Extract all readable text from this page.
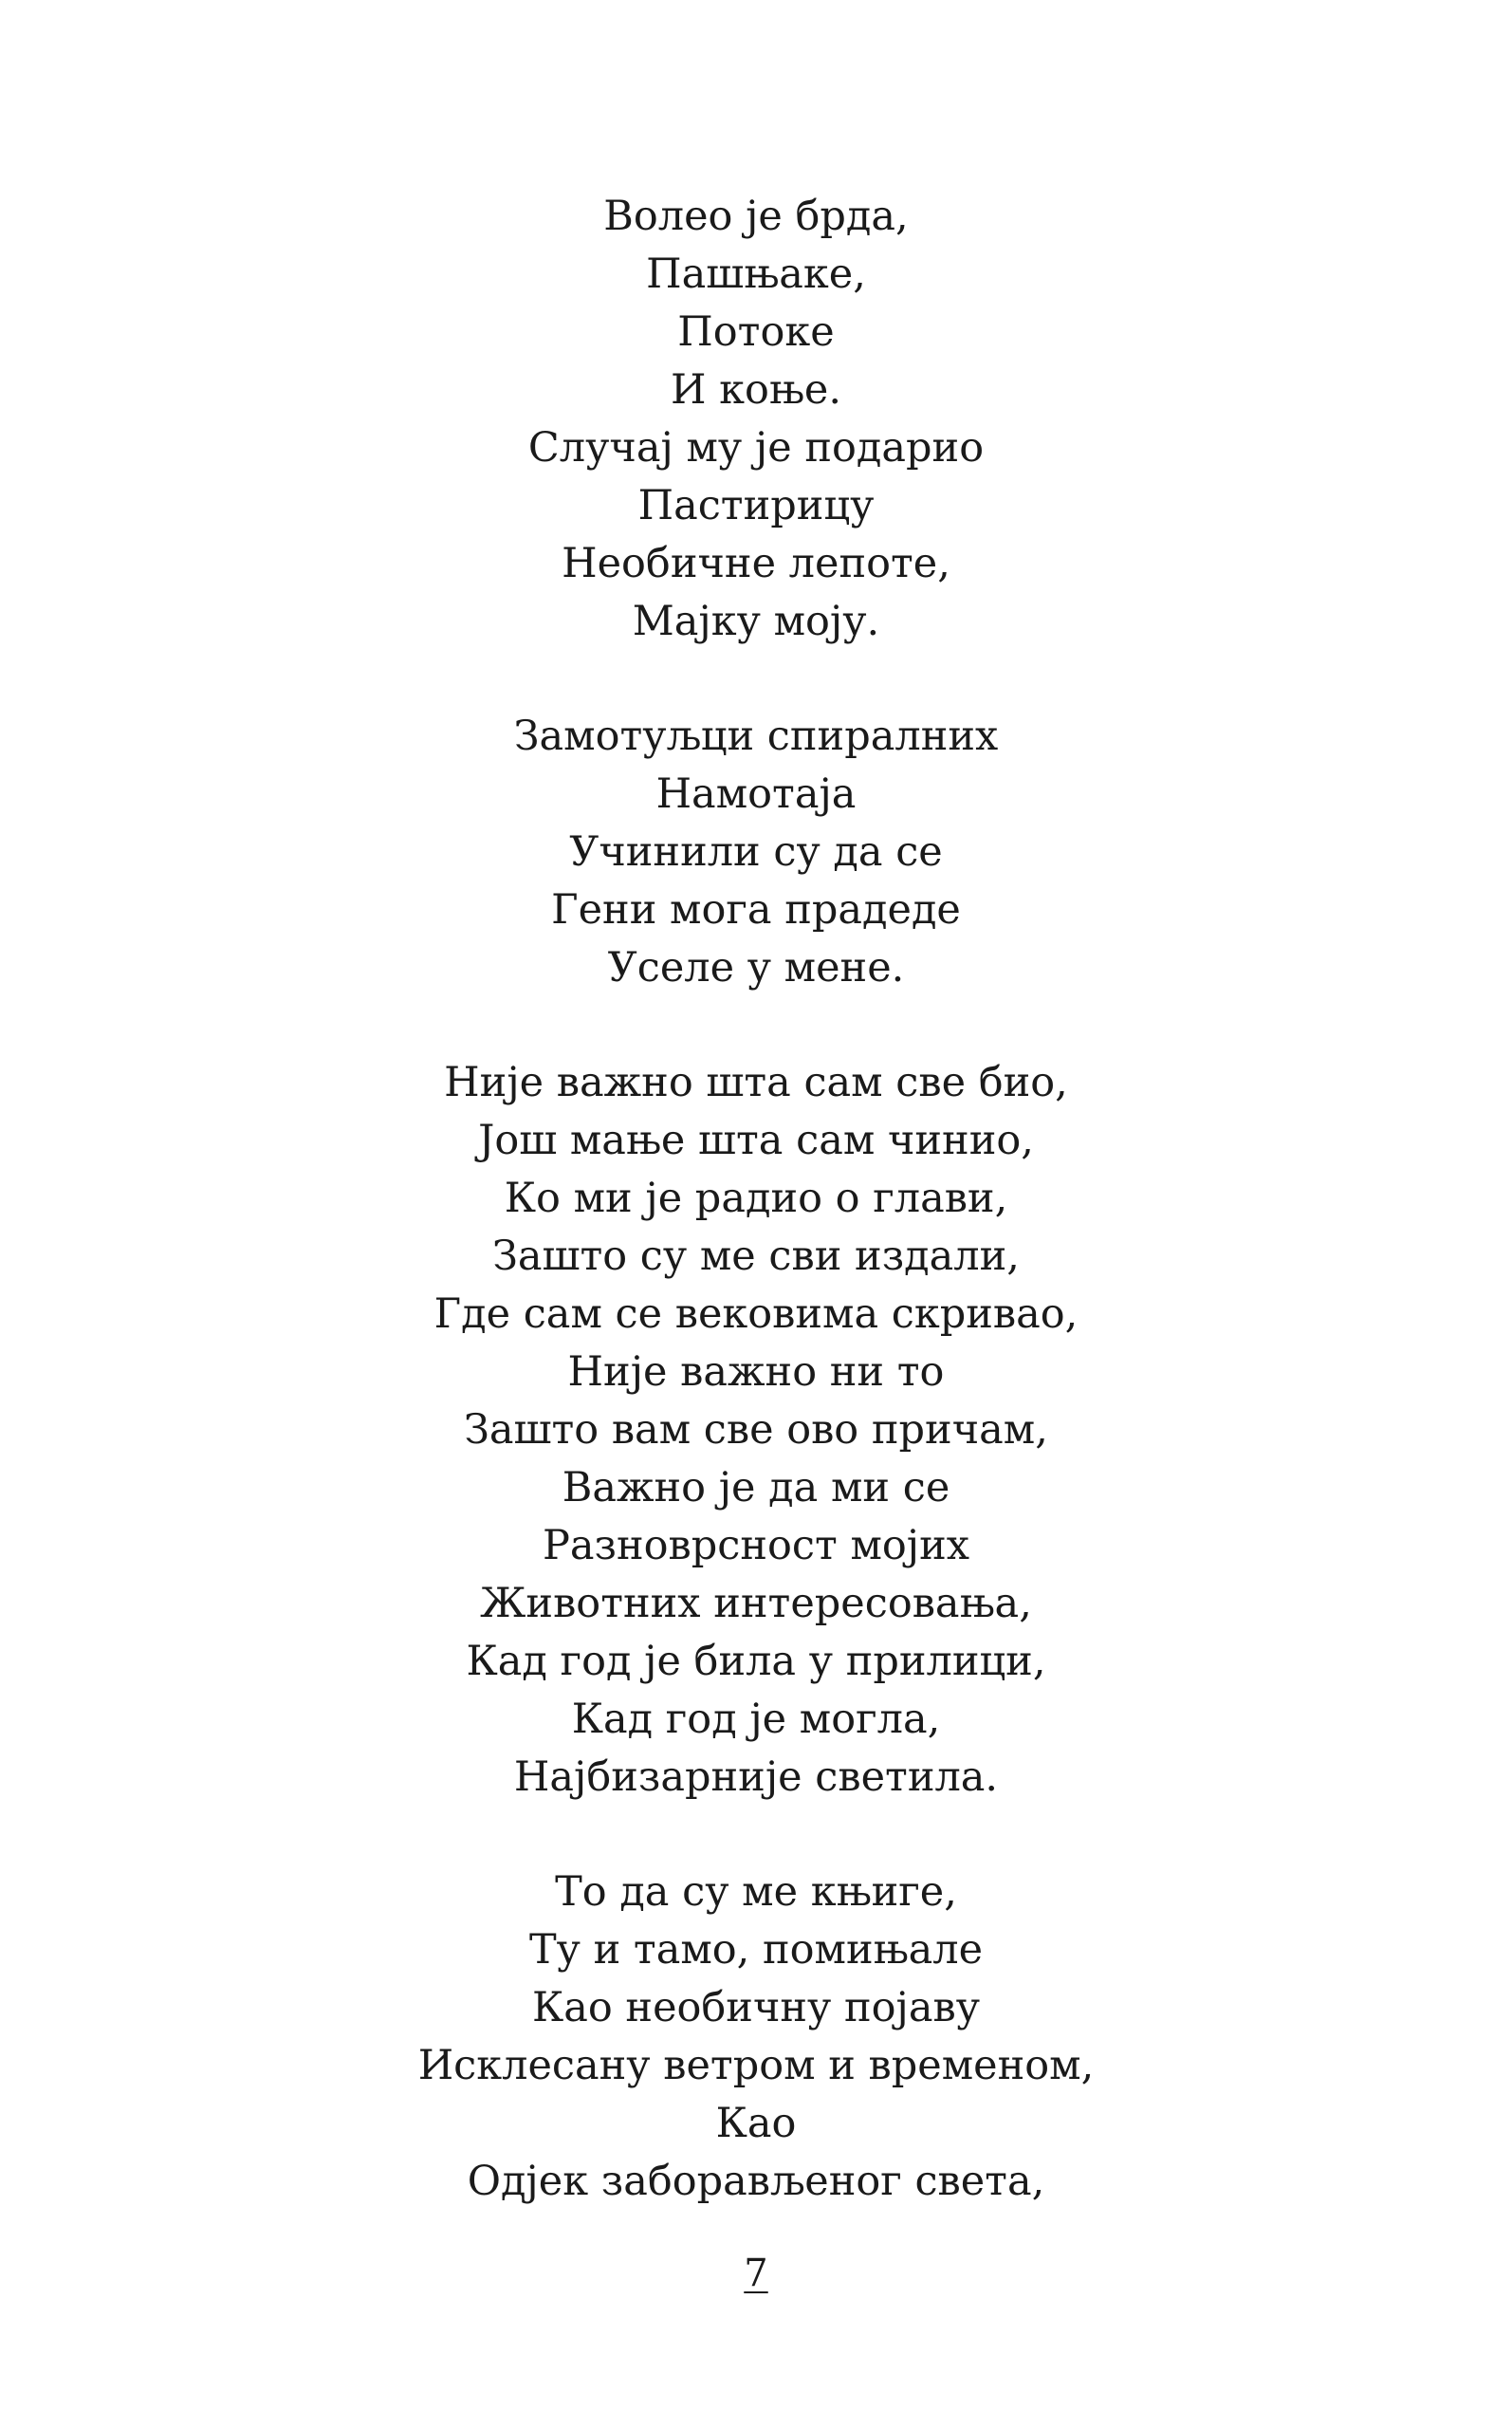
Волео је брда,
Пашњаке,
Потоке
И коње.
Случај му је подарио
Пастирицу
Необичне лепоте,
Мајку моју.
Замотуљци спиралних
Намотаја
Учинили су да се
Гени мога прадеде
Уселе у мене.
Није важно шта сам све био,
Још мање шта сам чинио,
Ко ми је радио о глави,
Зашто су ме сви издали,
Где сам се вековима скривао,
Није важно ни то
Зашто вам све ово причам,
Важно је да ми се
Разноврсност мојих
Животних интересовања,
Кад год је била у прилици,
Кад год је могла,
Најбизарније светила.
То да су ме књиге,
Ту и тамо, помињале
Као необичну појаву
Исклесану ветром и временом,
Као
Одјек заборављеног света,
7
